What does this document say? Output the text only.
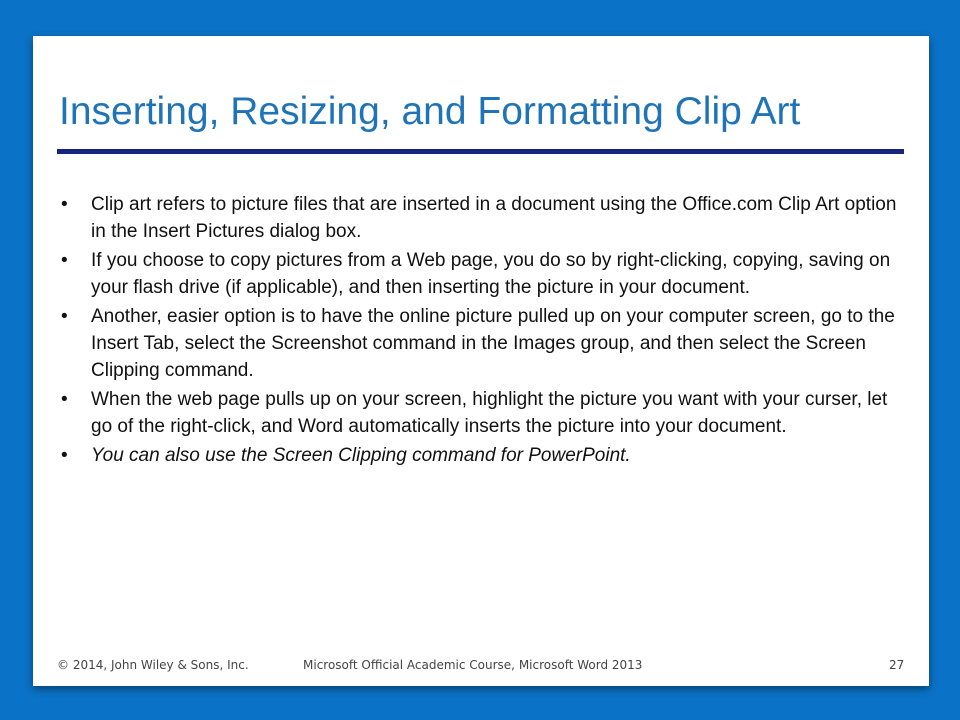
Inserting, Resizing, and Formatting Clip Art
• Clip art refers to picture files that are inserted in a document using the Office.com Clip Art option in the Insert Pictures dialog box.
• If you choose to copy pictures from a Web page, you do so by right-clicking, copying, saving on your flash drive (if applicable), and then inserting the picture in your document.
• Another, easier option is to have the online picture pulled up on your computer screen, go to the Insert Tab, select the Screenshot command in the Images group, and then select the Screen Clipping command.
• When the web page pulls up on your screen, highlight the picture you want with your curser, let go of the right-click, and Word automatically inserts the picture into your document.
• You can also use the Screen Clipping command for PowerPoint.
© 2014, John Wiley & Sons, Inc.	Microsoft Official Academic Course, Microsoft Word 2013	27
